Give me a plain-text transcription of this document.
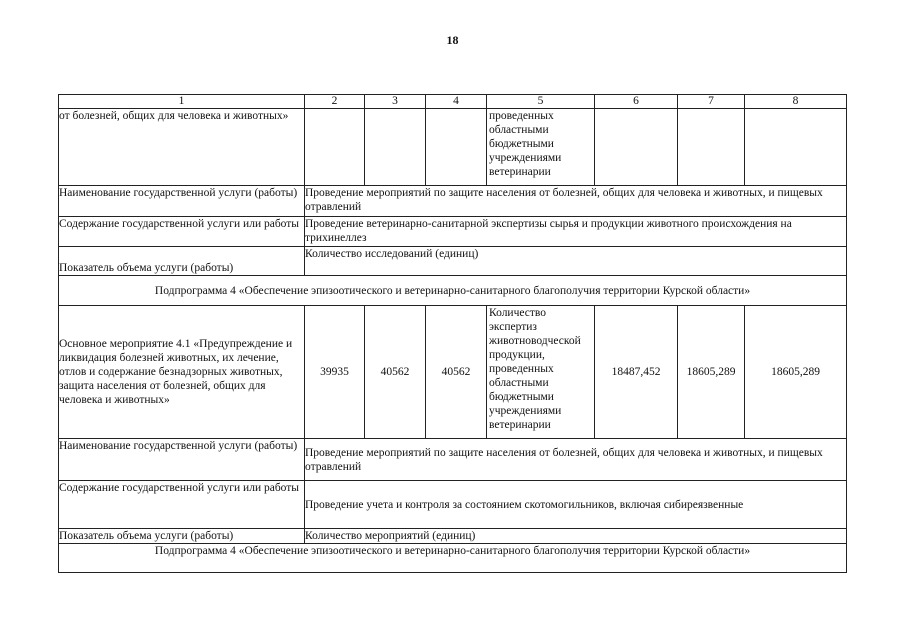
18
1	2	3	4	5	6	7	8
от болезней, общих для человека и животных»				проведенных областными бюджетными учреждениями ветеринарии			
Наименование государственной услуги (работы)	Проведение мероприятий по защите населения от болезней, общих для человека и животных, и пищевых отравлений						
Содержание государственной услуги или работы	Проведение ветеринарно-санитарной экспертизы сырья и продукции животного происхождения на трихинеллез						
Показатель объема услуги (работы)	Количество исследований (единиц)						
Подпрограмма 4 «Обеспечение эпизоотического и ветеринарно-санитарного благополучия территории Курской области»							
Основное мероприятие 4.1 «Предупреждение и ликвидация болезней животных, их лечение, отлов и содержание безнадзорных животных, защита населения от болезней, общих для человека и животных»	39935	40562	40562	Количество экспертиз животноводческой продукции, проведенных областными бюджетными учреждениями ветеринарии	18487,452	18605,289	18605,289
Наименование государственной услуги (работы)	Проведение мероприятий по защите населения от болезней, общих для человека и животных, и пищевых отравлений						
Содержание государственной услуги или работы	Проведение учета и контроля за состоянием скотомогильников, включая сибиреязвенные						
Показатель объема услуги (работы)	Количество мероприятий (единиц)						
Подпрограмма 4 «Обеспечение эпизоотического и ветеринарно-санитарного благополучия территории Курской области»							
